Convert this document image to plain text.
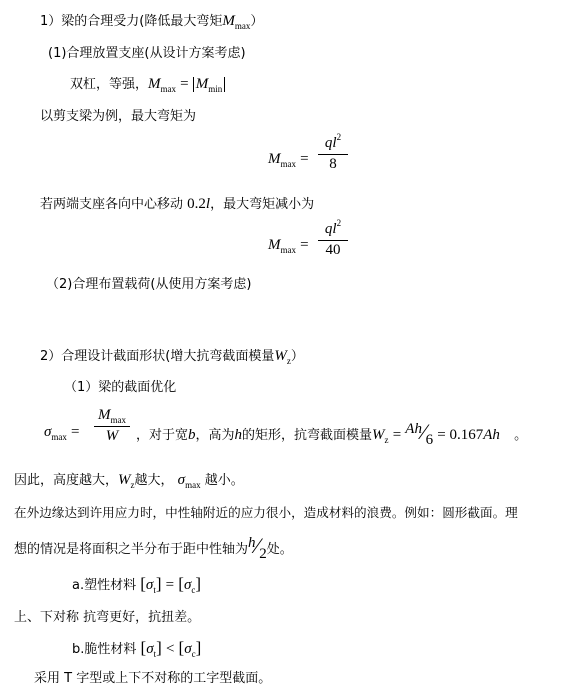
1）梁的合理受力(降低最大弯矩$M_{max}$）
(1)合理放置支座(从设计方案考虑)
双杠，等强，$M_{max} = M_{min}$
以剪支梁为例，最大弯矩为
$M_{max}$ =
$ql^2$
8
若两端支座各向中心移动 0.2l，最大弯矩减小为
$M_{max}$ =
$ql^2$
40
（2)合理布置载荷(从使用方案考虑)
2）合理设计截面形状(增大抗弯截面模量$W_z$）
（1）梁的截面优化
$\sigma_{max}$ =
$M_{max}$
W	，对于宽b，高为h的矩形，抗弯截面模量$W_z$ = Ah⁄6 = 0.167Ah 。
因此，高度越大，$W_z$越大， $\sigma_{max}$ 越小。
在外边缘达到许用应力时，中性轴附近的应力很小，造成材料的浪费。例如：圆形截面。理
想的情况是将面积之半分布于距中性轴为h⁄2处。
a.塑性材料 $[\sigma_t] = [\sigma_c]$
上、下对称 抗弯更好，抗扭差。
b.脆性材料 $[\sigma_t] < [\sigma_c]$
采用 T 字型或上下不对称的工字型截面。
